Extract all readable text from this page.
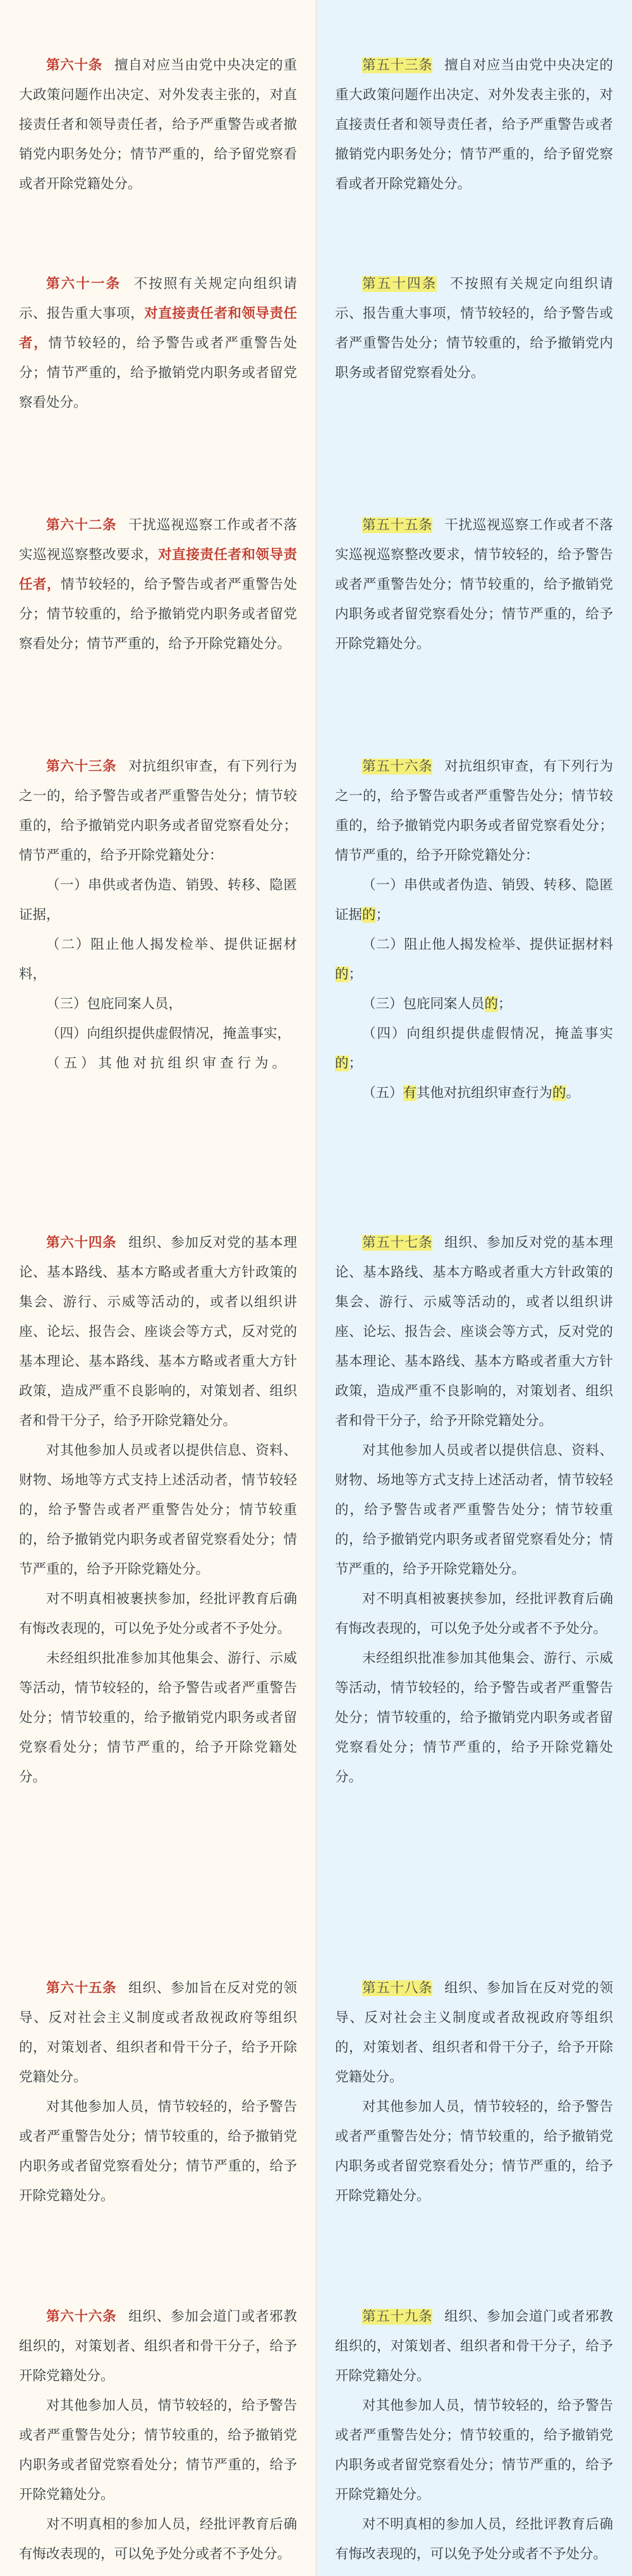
第六十条 擅自对应当由党中央决定的重大政策问题作出决定、对外发表主张的，对直接责任者和领导责任者，给予严重警告或者撤销党内职务处分；情节严重的，给予留党察看或者开除党籍处分。

第六十一条 不按照有关规定向组织请示、报告重大事项，对直接责任者和领导责任者，情节较轻的，给予警告或者严重警告处分；情节严重的，给予撤销党内职务或者留党察看处分。

第六十二条 干扰巡视巡察工作或者不落实巡视巡察整改要求，对直接责任者和领导责任者，情节较轻的，给予警告或者严重警告处分；情节较重的，给予撤销党内职务或者留党察看处分；情节严重的，给予开除党籍处分。

第六十三条 对抗组织审查，有下列行为之一的，给予警告或者严重警告处分；情节较重的，给予撤销党内职务或者留党察看处分；情节严重的，给予开除党籍处分：

（一）串供或者伪造、销毁、转移、隐匿证据，

（二）阻止他人揭发检举、提供证据材料，

（三）包庇同案人员，

（四）向组织提供虚假情况，掩盖事实，

（五）其他对抗组织审查行为。

第六十四条 组织、参加反对党的基本理论、基本路线、基本方略或者重大方针政策的集会、游行、示威等活动的，或者以组织讲座、论坛、报告会、座谈会等方式，反对党的基本理论、基本路线、基本方略或者重大方针政策，造成严重不良影响的，对策划者、组织者和骨干分子，给予开除党籍处分。

对其他参加人员或者以提供信息、资料、财物、场地等方式支持上述活动者，情节较轻的，给予警告或者严重警告处分；情节较重的，给予撤销党内职务或者留党察看处分；情节严重的，给予开除党籍处分。

对不明真相被裹挟参加，经批评教育后确有悔改表现的，可以免予处分或者不予处分。

未经组织批准参加其他集会、游行、示威等活动，情节较轻的，给予警告或者严重警告处分；情节较重的，给予撤销党内职务或者留党察看处分；情节严重的，给予开除党籍处分。

第六十五条 组织、参加旨在反对党的领导、反对社会主义制度或者敌视政府等组织的，对策划者、组织者和骨干分子，给予开除党籍处分。

对其他参加人员，情节较轻的，给予警告或者严重警告处分；情节较重的，给予撤销党内职务或者留党察看处分；情节严重的，给予开除党籍处分。

第六十六条 组织、参加会道门或者邪教组织的，对策划者、组织者和骨干分子，给予开除党籍处分。

对其他参加人员，情节较轻的，给予警告或者严重警告处分；情节较重的，给予撤销党内职务或者留党察看处分；情节严重的，给予开除党籍处分。

对不明真相的参加人员，经批评教育后确有悔改表现的，可以免予处分或者不予处分。

第五十三条 擅自对应当由党中央决定的重大政策问题作出决定、对外发表主张的，对直接责任者和领导责任者，给予严重警告或者撤销党内职务处分；情节严重的，给予留党察看或者开除党籍处分。

第五十四条 不按照有关规定向组织请示、报告重大事项，情节较轻的，给予警告或者严重警告处分；情节较重的，给予撤销党内职务或者留党察看处分。

第五十五条 干扰巡视巡察工作或者不落实巡视巡察整改要求，情节较轻的，给予警告或者严重警告处分；情节较重的，给予撤销党内职务或者留党察看处分；情节严重的，给予开除党籍处分。

第五十六条 对抗组织审查，有下列行为之一的，给予警告或者严重警告处分；情节较重的，给予撤销党内职务或者留党察看处分；情节严重的，给予开除党籍处分：

（一）串供或者伪造、销毁、转移、隐匿证据的；

（二）阻止他人揭发检举、提供证据材料的；

（三）包庇同案人员的；

（四）向组织提供虚假情况，掩盖事实的；

（五）有其他对抗组织审查行为的。

第五十七条 组织、参加反对党的基本理论、基本路线、基本方略或者重大方针政策的集会、游行、示威等活动的，或者以组织讲座、论坛、报告会、座谈会等方式，反对党的基本理论、基本路线、基本方略或者重大方针政策，造成严重不良影响的，对策划者、组织者和骨干分子，给予开除党籍处分。

对其他参加人员或者以提供信息、资料、财物、场地等方式支持上述活动者，情节较轻的，给予警告或者严重警告处分；情节较重的，给予撤销党内职务或者留党察看处分；情节严重的，给予开除党籍处分。

对不明真相被裹挟参加，经批评教育后确有悔改表现的，可以免予处分或者不予处分。

未经组织批准参加其他集会、游行、示威等活动，情节较轻的，给予警告或者严重警告处分；情节较重的，给予撤销党内职务或者留党察看处分；情节严重的，给予开除党籍处分。

第五十八条 组织、参加旨在反对党的领导、反对社会主义制度或者敌视政府等组织的，对策划者、组织者和骨干分子，给予开除党籍处分。

对其他参加人员，情节较轻的，给予警告或者严重警告处分；情节较重的，给予撤销党内职务或者留党察看处分；情节严重的，给予开除党籍处分。

第五十九条 组织、参加会道门或者邪教组织的，对策划者、组织者和骨干分子，给予开除党籍处分。

对其他参加人员，情节较轻的，给予警告或者严重警告处分；情节较重的，给予撤销党内职务或者留党察看处分；情节严重的，给予开除党籍处分。

对不明真相的参加人员，经批评教育后确有悔改表现的，可以免予处分或者不予处分。
